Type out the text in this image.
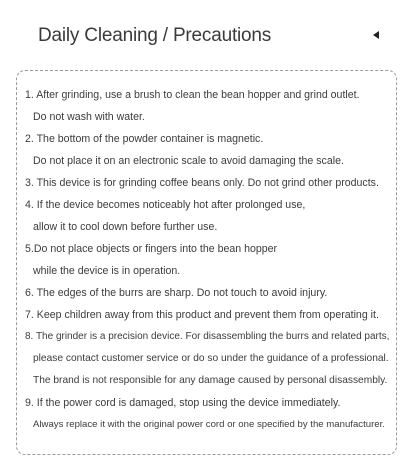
Daily Cleaning / Precautions
1. After grinding, use a brush to clean the bean hopper and grind outlet.
Do not wash with water.
2. The bottom of the powder container is magnetic.
Do not place it on an electronic scale to avoid damaging the scale.
3. This device is for grinding coffee beans only. Do not grind other products.
4. If the device becomes noticeably hot after prolonged use,
allow it to cool down before further use.
5.Do not place objects or fingers into the bean hopper
while the device is in operation.
6. The edges of the burrs are sharp. Do not touch to avoid injury.
7. Keep children away from this product and prevent them from operating it.
8. The grinder is a precision device. For disassembling the burrs and related parts,
please contact customer service or do so under the guidance of a professional.
The brand is not responsible for any damage caused by personal disassembly.
9. If the power cord is damaged, stop using the device immediately.
Always replace it with the original power cord or one specified by the manufacturer.
